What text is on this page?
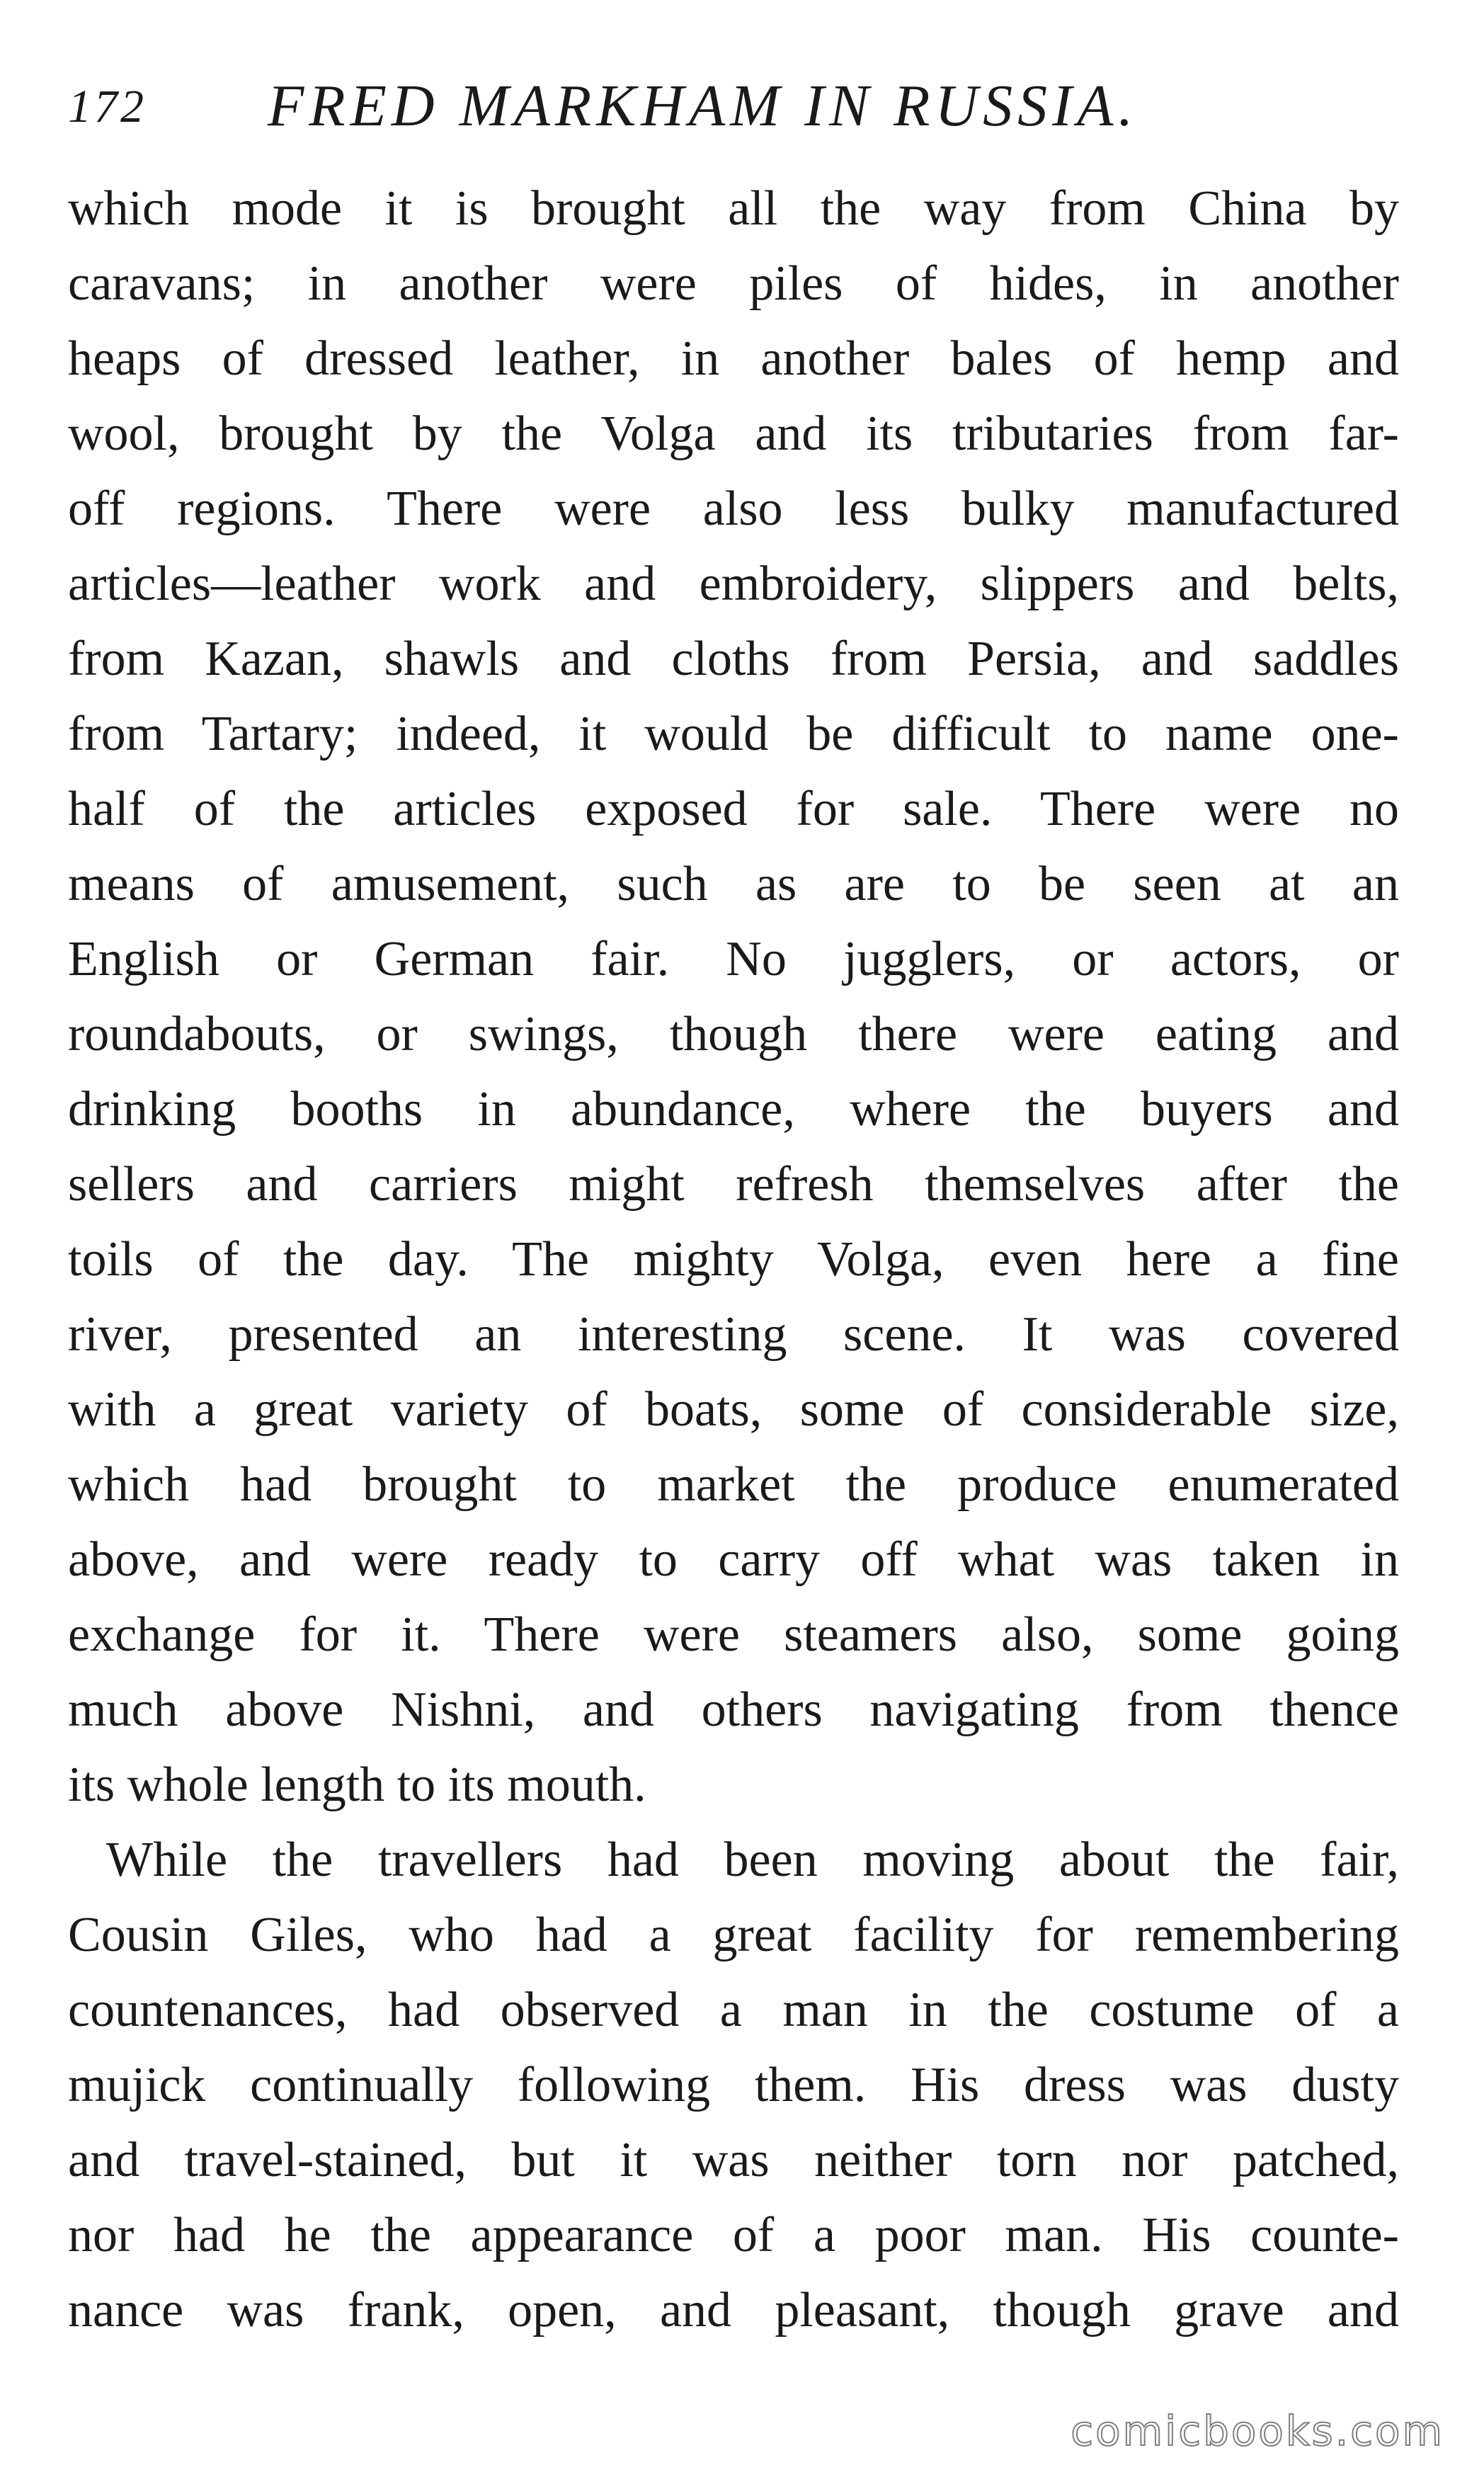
172 FRED MARKHAM IN RUSSIA.
which mode it is brought all the way from China by
caravans; in another were piles of hides, in another
heaps of dressed leather, in another bales of hemp and
wool, brought by the Volga and its tributaries from far-
off regions. There were also less bulky manufactured
articles—leather work and embroidery, slippers and belts,
from Kazan, shawls and cloths from Persia, and saddles
from Tartary; indeed, it would be difficult to name one-
half of the articles exposed for sale. There were no
means of amusement, such as are to be seen at an
English or German fair. No jugglers, or actors, or
roundabouts, or swings, though there were eating and
drinking booths in abundance, where the buyers and
sellers and carriers might refresh themselves after the
toils of the day. The mighty Volga, even here a fine
river, presented an interesting scene. It was covered
with a great variety of boats, some of considerable size,
which had brought to market the produce enumerated
above, and were ready to carry off what was taken in
exchange for it. There were steamers also, some going
much above Nishni, and others navigating from thence
its whole length to its mouth.
While the travellers had been moving about the fair,
Cousin Giles, who had a great facility for remembering
countenances, had observed a man in the costume of a
mujick continually following them. His dress was dusty
and travel-stained, but it was neither torn nor patched,
nor had he the appearance of a poor man. His counte-
nance was frank, open, and pleasant, though grave and
comicbooks.com
